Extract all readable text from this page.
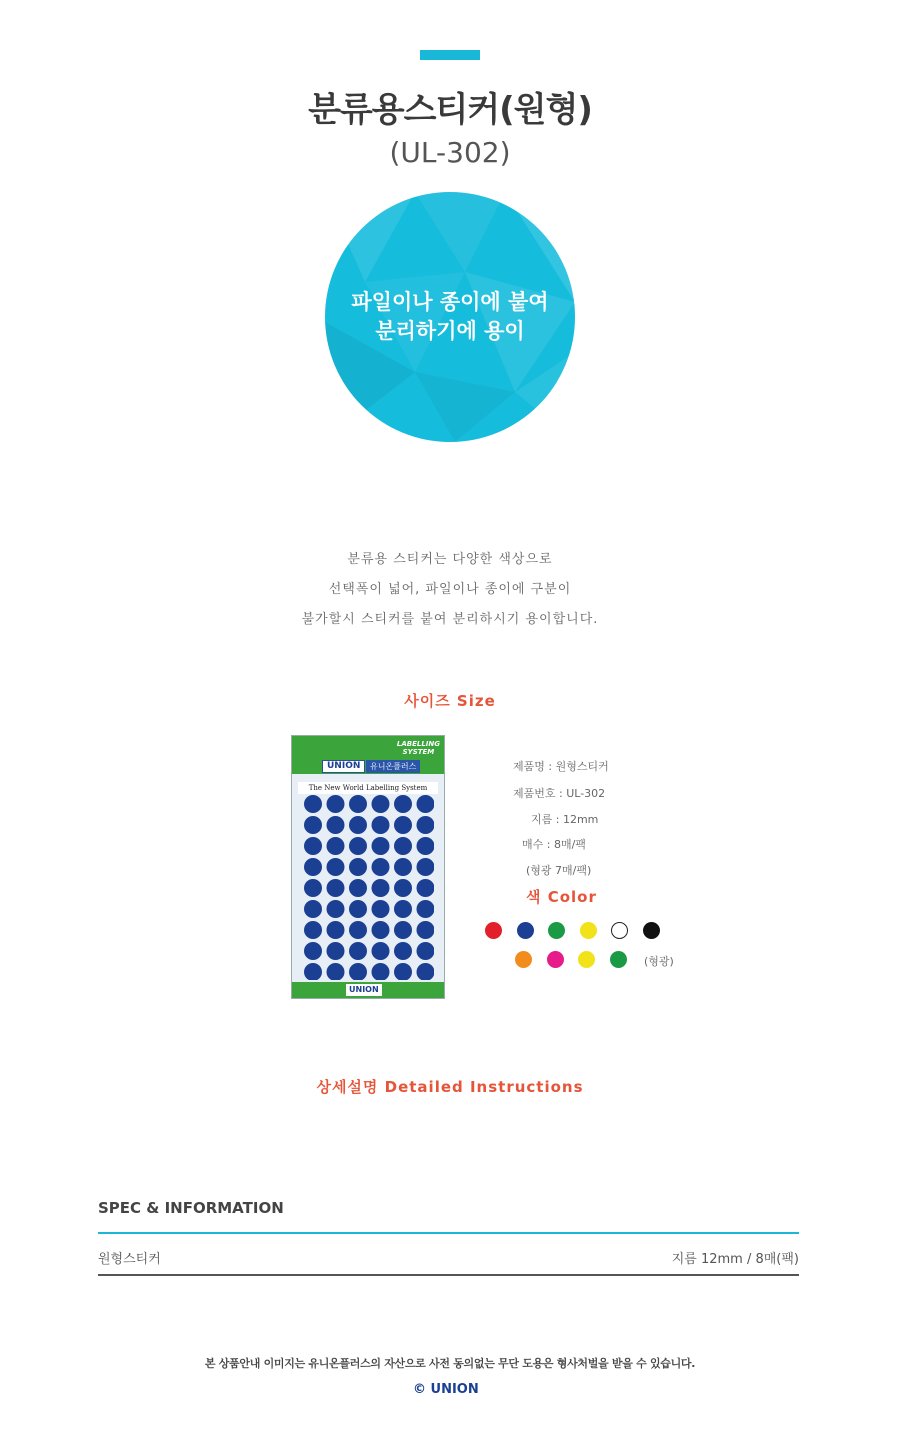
분류용스티커(원형)
(UL-302)
파일이나 종이에 붙여
분리하기에 용이
분류용 스티커는 다양한 색상으로
선택폭이 넓어, 파일이나 종이에 구분이
불가할시 스티커를 붙여 분리하시기 용이합니다.
사이즈 Size
LABELLING
SYSTEM
UNION	유니온플러스
The New World Labelling System
UNION
제품명 : 원형스티커
제품번호 : UL-302
지름 : 12mm
매수 : 8매/팩
(형광 7매/팩)
색 Color
(형광)
상세설명 Detailed Instructions
SPEC & INFORMATION
원형스티커	지름 12mm / 8매(팩)
본 상품안내 이미지는 유니온플러스의 자산으로 사전 동의없는 무단 도용은 형사처벌을 받을 수 있습니다.
© UNION
